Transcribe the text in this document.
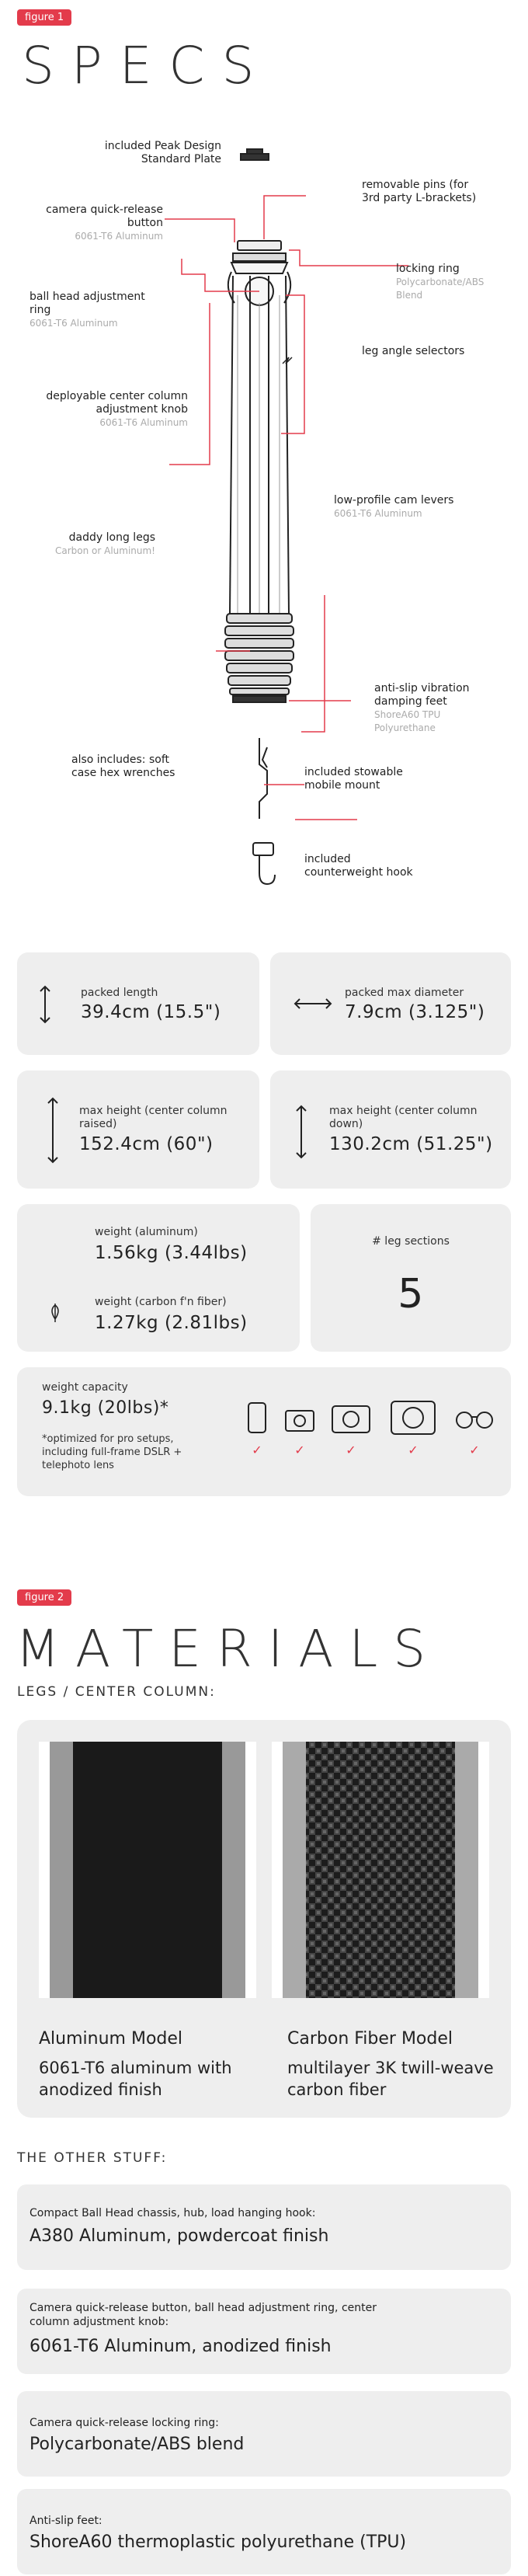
figure 1
SPECS
included Peak Design Standard Plate
removable pins (for 3rd party L-brackets)
camera quick-release button
6061-T6 Aluminum
locking ring
Polycarbonate/ABS Blend
ball head adjustment ring
6061-T6 Aluminum
leg angle selectors
deployable center column adjustment knob
6061-T6 Aluminum
low-profile cam levers
6061-T6 Aluminum
daddy long legs
Carbon or Aluminum!
anti-slip vibration damping feet
ShoreA60 TPU Polyurethane
also includes: soft case hex wrenches	included stowable mobile mount
included counterweight hook
packed length
39.4cm (15.5")
packed max diameter
7.9cm (3.125")
max height (center column raised)
152.4cm (60")
max height (center column down)
130.2cm (51.25")
weight (aluminum)
1.56kg (3.44lbs)
weight (carbon f'n fiber)
1.27kg (2.81lbs)
# leg sections
5
weight capacity
9.1kg (20lbs)*
*optimized for pro setups, including full-frame DSLR + telephoto lens
✓	✓	✓	✓	✓
figure 2
MATERIALS
LEGS / CENTER COLUMN:
Aluminum Model
6061-T6 aluminum with anodized finish
Carbon Fiber Model
multilayer 3K twill-weave carbon fiber
THE OTHER STUFF:
Compact Ball Head chassis, hub, load hanging hook:
A380 Aluminum, powdercoat finish
Camera quick-release button, ball head adjustment ring, center column adjustment knob:
6061-T6 Aluminum, anodized finish
Camera quick-release locking ring:
Polycarbonate/ABS blend
Anti-slip feet:
ShoreA60 thermoplastic polyurethane (TPU)
